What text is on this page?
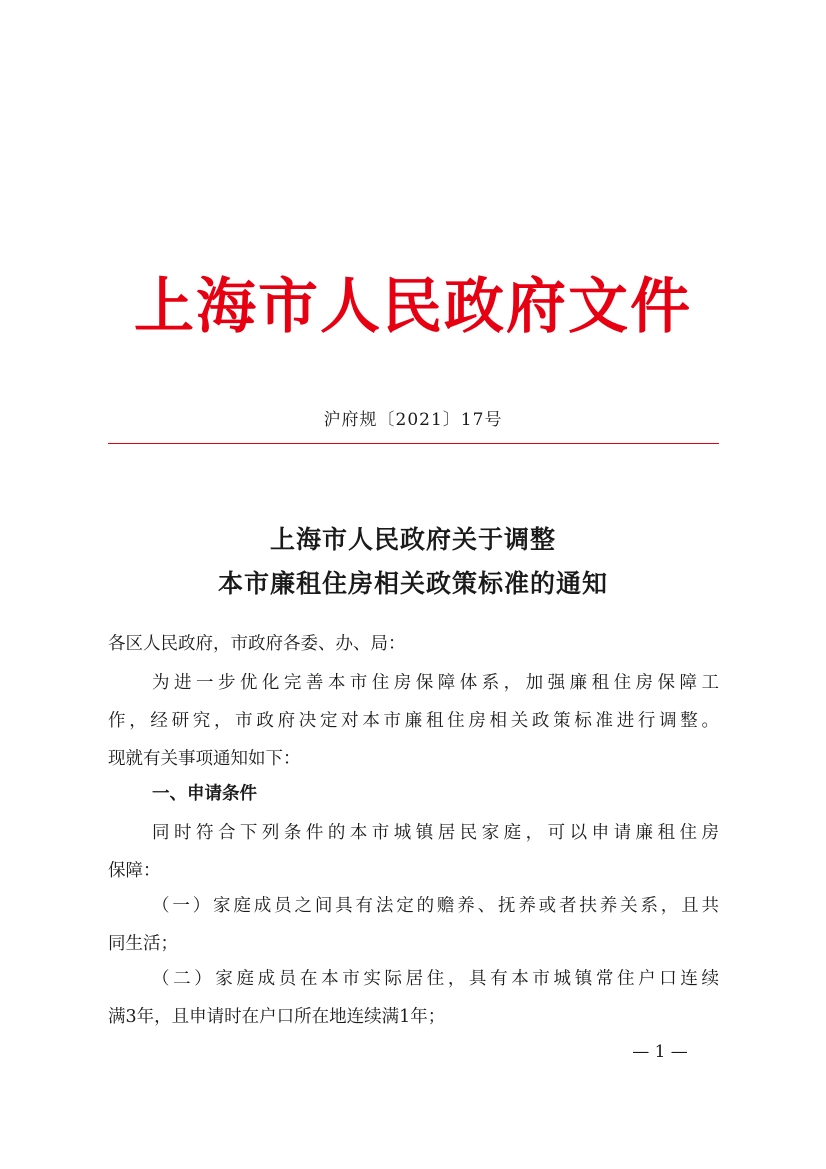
上海市人民政府文件
沪府规〔2021〕17号
上海市人民政府关于调整
本市廉租住房相关政策标准的通知
各区人民政府，市政府各委、办、局：
为进一步优化完善本市住房保障体系，加强廉租住房保障工
作，经研究，市政府决定对本市廉租住房相关政策标准进行调整。
现就有关事项通知如下：
一、申请条件
同时符合下列条件的本市城镇居民家庭，可以申请廉租住房
保障：
（一）家庭成员之间具有法定的赡养、抚养或者扶养关系，且共
同生活；
（二）家庭成员在本市实际居住，具有本市城镇常住户口连续
满3年，且申请时在户口所在地连续满1年；
— 1 —
